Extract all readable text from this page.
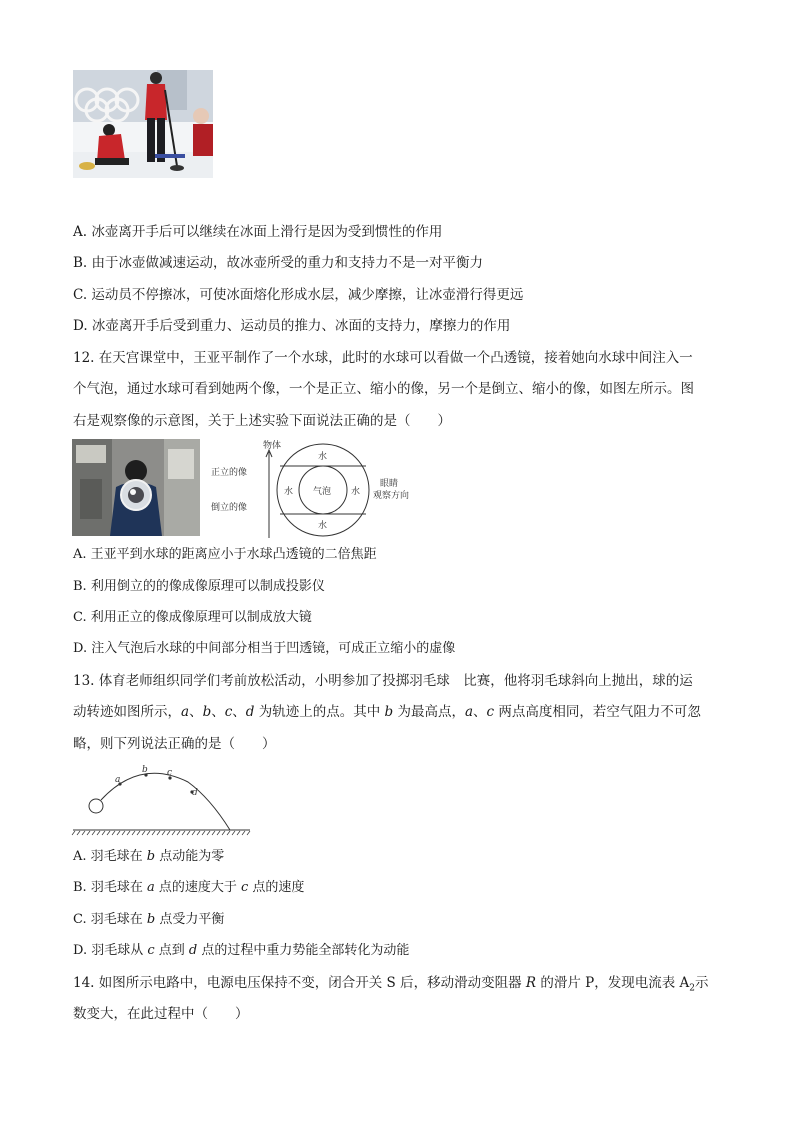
A. 冰壶离开手后可以继续在冰面上滑行是因为受到惯性的作用
B. 由于冰壶做减速运动，故冰壶所受的重力和支持力不是一对平衡力
C. 运动员不停擦冰，可使冰面熔化形成水层，减少摩擦，让冰壶滑行得更远
D. 冰壶离开手后受到重力、运动员的推力、冰面的支持力，摩擦力的作用
12. 在天宫课堂中，王亚平制作了一个水球，此时的水球可以看做一个凸透镜，接着她向水球中间注入一
个气泡，通过水球可看到她两个像，一个是正立、缩小的像，另一个是倒立、缩小的像，如图左所示。图
右是观察像的示意图，关于上述实验下面说法正确的是（　　）
物体
正立的像
倒立的像
水
水
水	水
气泡
眼睛
观察方向
A. 王亚平到水球的距离应小于水球凸透镜的二倍焦距
B. 利用倒立的的像成像原理可以制成投影仪
C. 利用正立的像成像原理可以制成放大镜
D. 注入气泡后水球的中间部分相当于凹透镜，可成正立缩小的虚像
13. 体育老师组织同学们考前放松活动，小明参加了投掷羽毛球　比赛，他将羽毛球斜向上抛出，球的运
动转迹如图所示，a、b、c、d 为轨迹上的点。其中 b 为最高点，a、c 两点高度相同，若空气阻力不可忽
略，则下列说法正确的是（　　）
a
b c
d
A. 羽毛球在 b 点动能为零
B. 羽毛球在 a 点的速度大于 c 点的速度
C. 羽毛球在 b 点受力平衡
D. 羽毛球从 c 点到 d 点的过程中重力势能全部转化为动能
14. 如图所示电路中，电源电压保持不变，闭合开关 S 后，移动滑动变阻器 R 的滑片 P，发现电流表 $A_2$示
数变大，在此过程中（　　）
